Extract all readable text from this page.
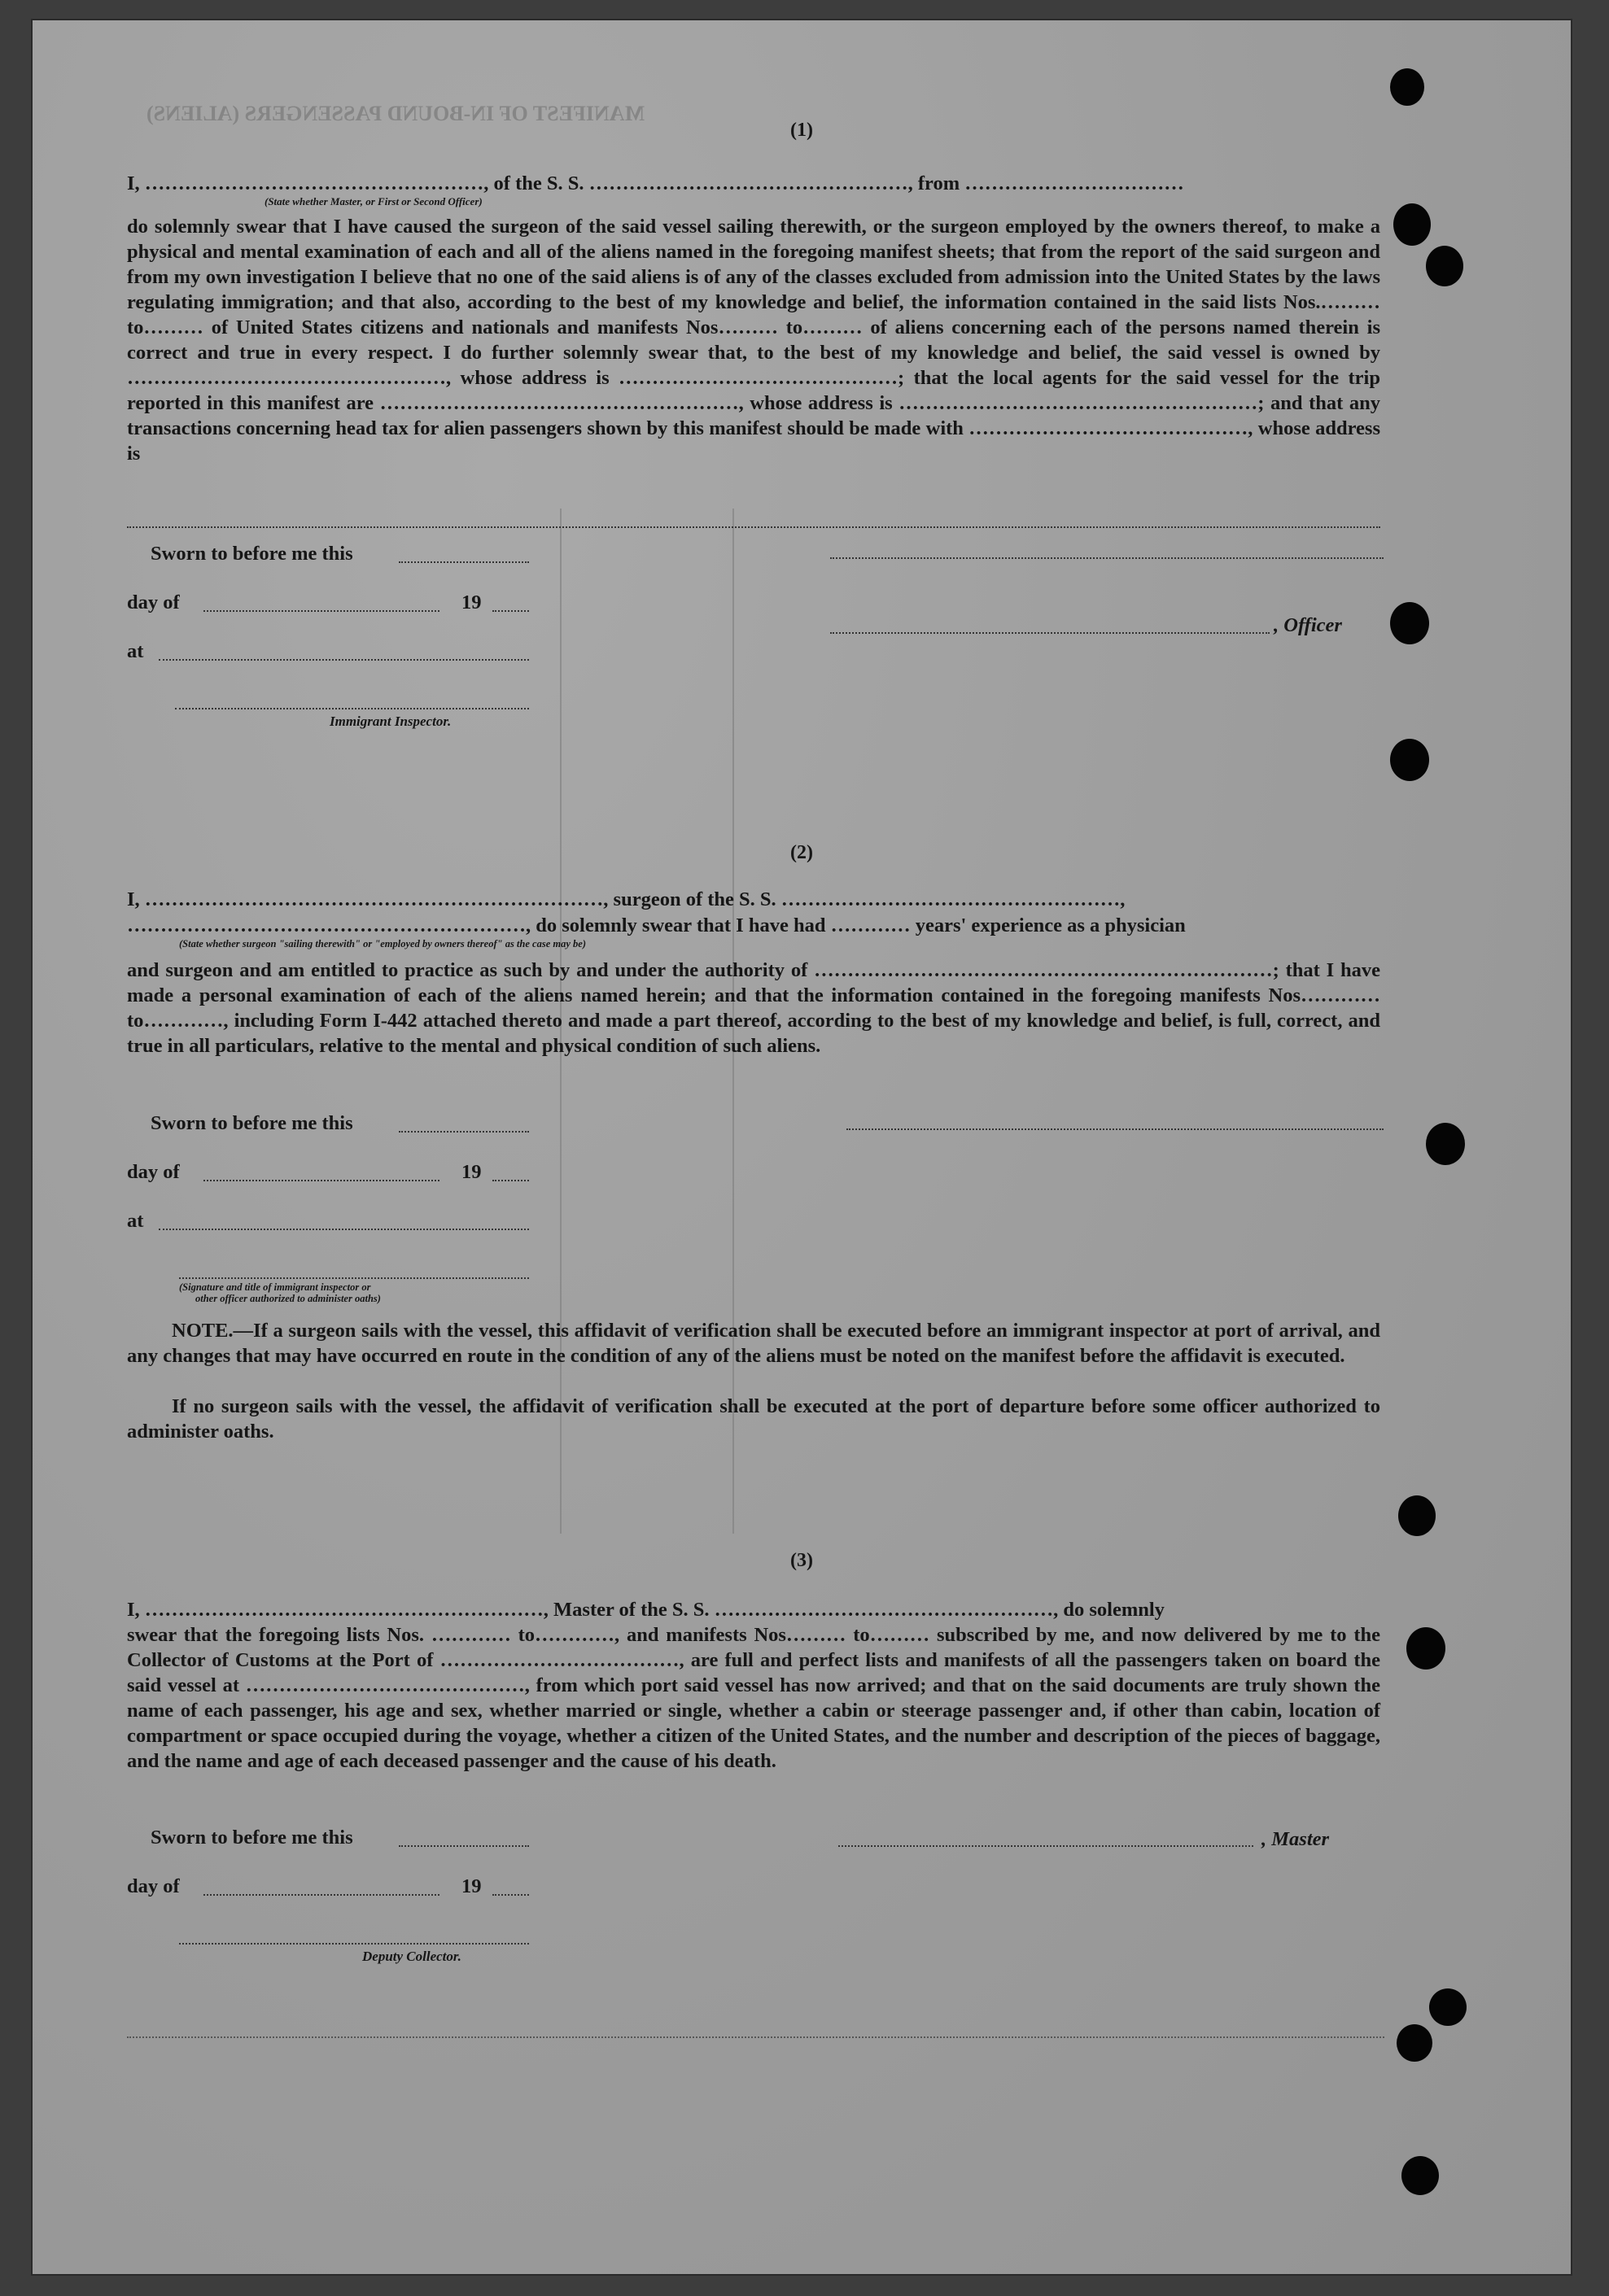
MANIFEST OF IN-BOUND PASSENGERS (ALIENS)
(1)
I, ……………………………………………, of the S. S. …………………………………………, from ……………………………
(State whether Master, or First or Second Officer)
do solemnly swear that I have caused the surgeon of the said vessel sailing therewith, or the surgeon employed by the owners thereof, to make a physical and mental examination of each and all of the aliens named in the foregoing manifest sheets; that from the report of the said surgeon and from my own investigation I believe that no one of the said aliens is of any of the classes excluded from admission into the United States by the laws regulating immigration; and that also, according to the best of my knowledge and belief, the information contained in the said lists Nos.……… to……… of United States citizens and nationals and manifests Nos……… to……… of aliens concerning each of the persons named therein is correct and true in every respect. I do further solemnly swear that, to the best of my knowledge and belief, the said vessel is owned by …………………………………………, whose address is ……………………………………; that the local agents for the said vessel for the trip reported in this manifest are ………………………………………………, whose address is ………………………………………………; and that any transactions concerning head tax for alien passengers shown by this manifest should be made with ……………………………………, whose address is
Sworn to before me this
day of	19
, Officer
at
Immigrant Inspector.
(2)
I, ……………………………………………………………, surgeon of the S. S. ……………………………………………,
……………………………………………………, do solemnly swear that I have had ………… years' experience as a physician
(State whether surgeon "sailing therewith" or "employed by owners thereof" as the case may be)
and surgeon and am entitled to practice as such by and under the authority of ……………………………………………………………; that I have made a personal examination of each of the aliens named herein; and that the information contained in the foregoing manifests Nos………… to…………, including Form I-442 attached thereto and made a part thereof, according to the best of my knowledge and belief, is full, correct, and true in all particulars, relative to the mental and physical condition of such aliens.
Sworn to before me this
day of	19
at
(Signature and title of immigrant inspector or
other officer authorized to administer oaths)
NOTE.—If a surgeon sails with the vessel, this affidavit of verification shall be executed before an immigrant inspector at port of arrival, and any changes that may have occurred en route in the condition of any of the aliens must be noted on the manifest before the affidavit is executed.
If no surgeon sails with the vessel, the affidavit of verification shall be executed at the port of departure before some officer authorized to administer oaths.
(3)
I, ……………………………………………………, Master of the S. S. ……………………………………………, do solemnly
swear that the foregoing lists Nos. ………… to…………, and manifests Nos……… to……… subscribed by me, and now delivered by me to the Collector of Customs at the Port of ………………………………, are full and perfect lists and manifests of all the passengers taken on board the said vessel at ……………………………………, from which port said vessel has now arrived; and that on the said documents are truly shown the name of each passenger, his age and sex, whether married or single, whether a cabin or steerage passenger and, if other than cabin, location of compartment or space occupied during the voyage, whether a citizen of the United States, and the number and description of the pieces of baggage, and the name and age of each deceased passenger and the cause of his death.
Sworn to before me this	, Master
day of	19
Deputy Collector.
